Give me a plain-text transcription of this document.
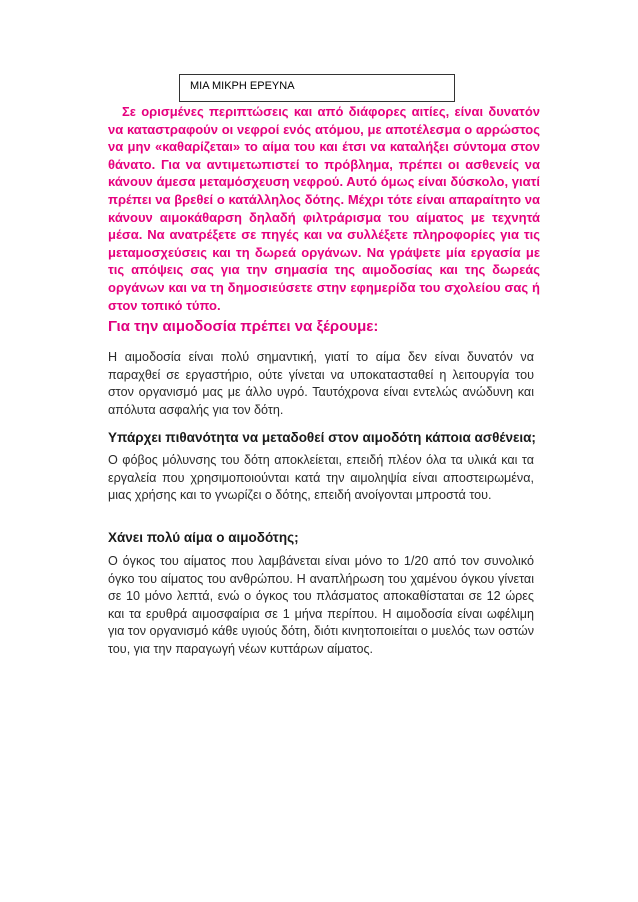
ΜΙΑ ΜΙΚΡΗ ΕΡΕΥΝΑ

Σε ορισμένες περιπτώσεις και από διάφορες αιτίες, είναι δυνατόν να καταστραφούν οι νεφροί ενός ατόμου, με αποτέλεσμα ο αρρώστος να μην «καθαρίζεται» το αίμα του και έτσι να καταλήξει σύντομα στον θάνατο. Για να αντιμετωπιστεί το πρόβλημα, πρέπει οι ασθενείς να κάνουν άμεσα μεταμόσχευση νεφρού. Αυτό όμως είναι δύσκολο, γιατί πρέπει να βρεθεί ο κατάλληλος δότης. Μέχρι τότε είναι απαραίτητο να κάνουν αιμοκάθαρση δηλαδή φιλτράρισμα του αίματος με τεχνητά μέσα. Να ανατρέξετε σε πηγές και να συλλέξετε πληροφορίες για τις μεταμοσχεύσεις και τη δωρεά οργάνων. Να γράψετε μία εργασία με τις απόψεις σας για την σημασία της αιμοδοσίας και της δωρεάς οργάνων και να τη δημοσιεύσετε στην εφημερίδα του σχολείου σας ή στον τοπικό τύπο.

Για την αιμοδοσία πρέπει να ξέρουμε:

Η αιμοδοσία είναι πολύ σημαντική, γιατί το αίμα δεν είναι δυνατόν να παραχθεί σε εργαστήριο, ούτε γίνεται να υποκατασταθεί η λειτουργία του στον οργανισμό μας με άλλο υγρό. Ταυτόχρονα είναι εντελώς ανώδυνη και απόλυτα ασφαλής για τον δότη.

Υπάρχει πιθανότητα να μεταδοθεί στον αιμοδότη κάποια ασθένεια;

Ο φόβος μόλυνσης του δότη αποκλείεται, επειδή πλέον όλα τα υλικά και τα εργαλεία που χρησιμοποιούνται κατά την αιμοληψία είναι αποστειρωμένα, μιας χρήσης και το γνωρίζει ο δότης, επειδή ανοίγονται μπροστά του.

Χάνει πολύ αίμα ο αιμοδότης;

Ο όγκος του αίματος που λαμβάνεται είναι μόνο το 1/20 από τον συνολικό όγκο του αίματος του ανθρώπου. Η αναπλήρωση του χαμένου όγκου γίνεται σε 10 μόνο λεπτά, ενώ ο όγκος του πλάσματος αποκαθίσταται σε 12 ώρες και τα ερυθρά αιμοσφαίρια σε 1 μήνα περίπου. Η αιμοδοσία είναι ωφέλιμη για τον οργανισμό κάθε υγιούς δότη, διότι κινητοποιείται ο μυελός των οστών του, για την παραγωγή νέων κυττάρων αίματος.
